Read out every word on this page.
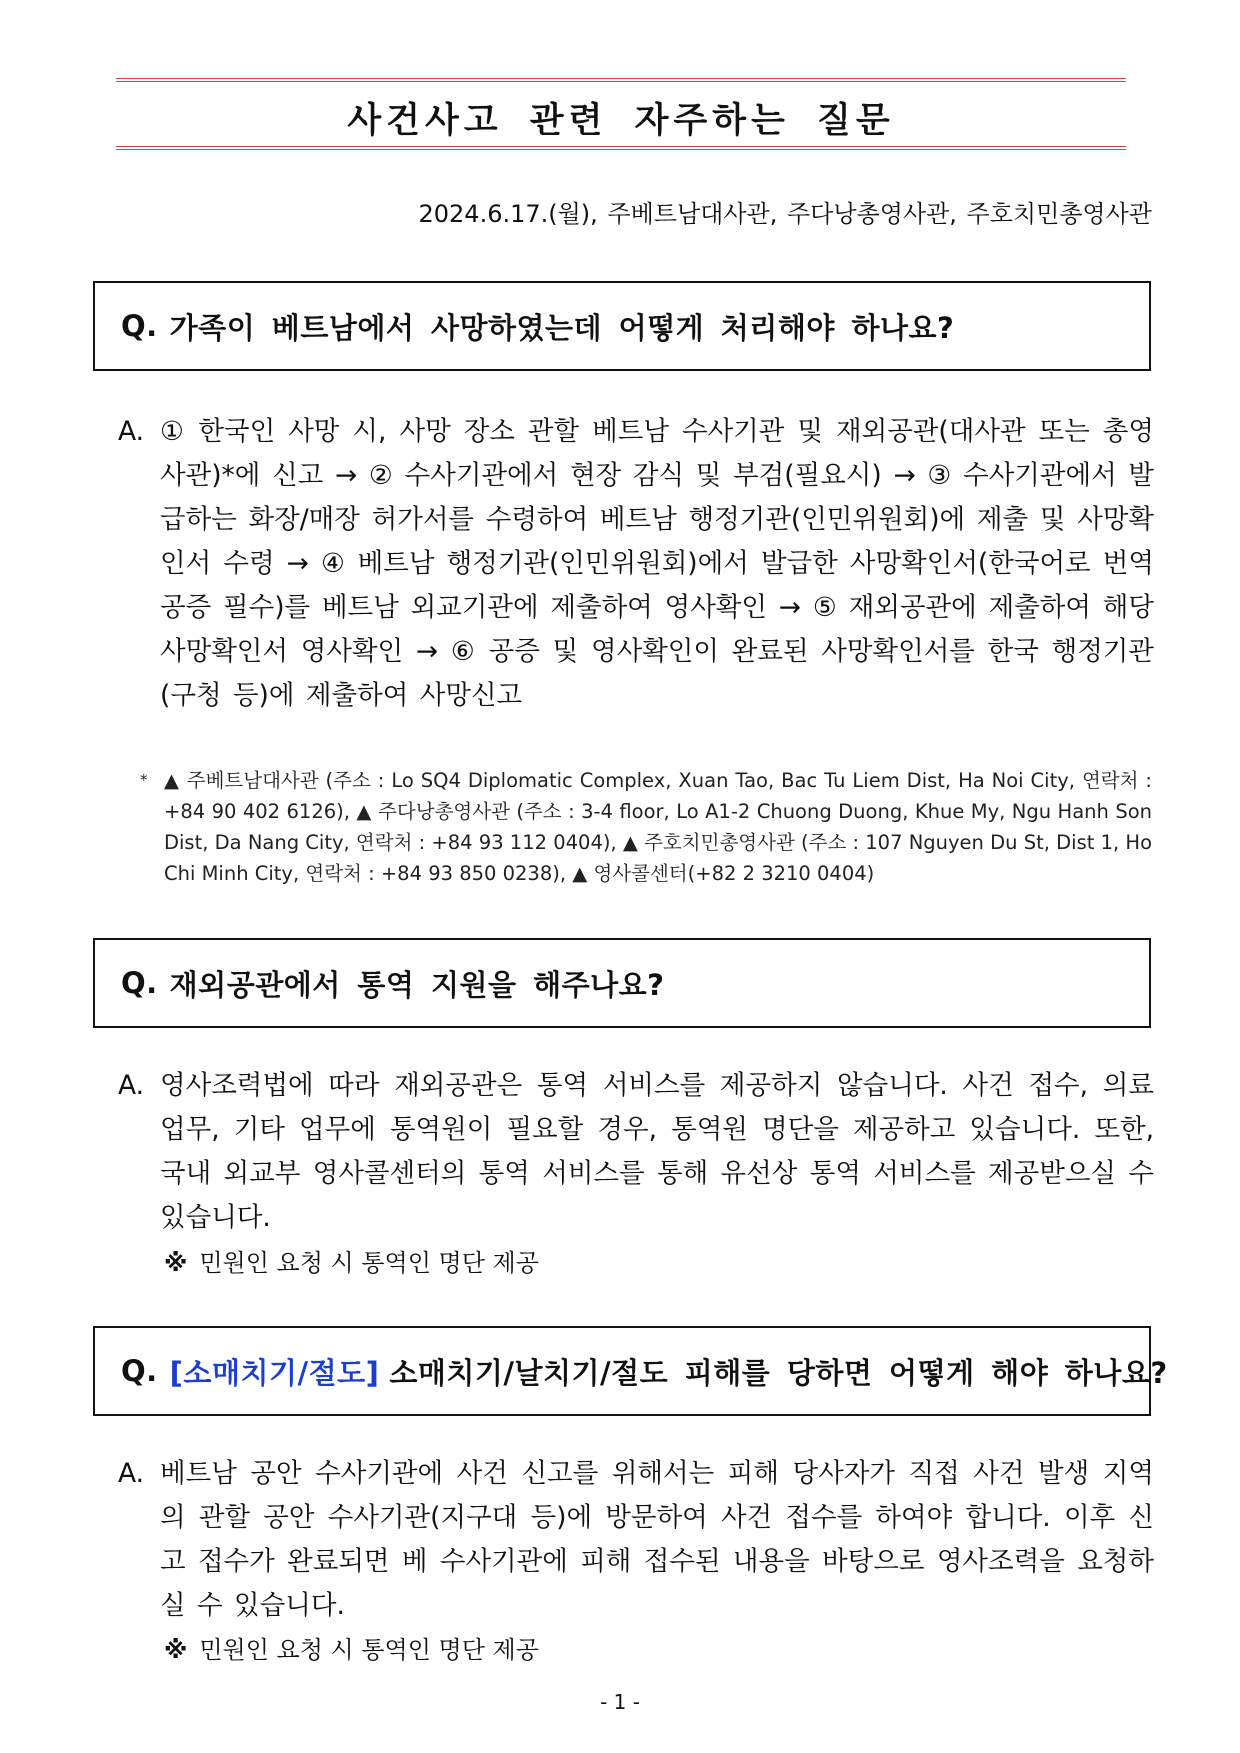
사건사고 관련 자주하는 질문
2024.6.17.(월), 주베트남대사관, 주다낭총영사관, 주호치민총영사관
Q. 가족이 베트남에서 사망하였는데 어떻게 처리해야 하나요?
A. ① 한국인 사망 시, 사망 장소 관할 베트남 수사기관 및 재외공관(대사관 또는 총영사관)*에 신고 → ② 수사기관에서 현장 감식 및 부검(필요시) → ③ 수사기관에서 발급하는 화장/매장 허가서를 수령하여 베트남 행정기관(인민위원회)에 제출 및 사망확인서 수령 → ④ 베트남 행정기관(인민위원회)에서 발급한 사망확인서(한국어로 번역공증 필수)를 베트남 외교기관에 제출하여 영사확인 → ⑤ 재외공관에 제출하여 해당 사망확인서 영사확인 → ⑥ 공증 및 영사확인이 완료된 사망확인서를 한국 행정기관(구청 등)에 제출하여 사망신고
* ▲ 주베트남대사관 (주소 : Lo SQ4 Diplomatic Complex, Xuan Tao, Bac Tu Liem Dist, Ha Noi City, 연락처 : +84 90 402 6126), ▲ 주다낭총영사관 (주소 : 3-4 floor, Lo A1-2 Chuong Duong, Khue My, Ngu Hanh Son Dist, Da Nang City, 연락처 : +84 93 112 0404), ▲ 주호치민총영사관 (주소 : 107 Nguyen Du St, Dist 1, Ho Chi Minh City, 연락처 : +84 93 850 0238), ▲ 영사콜센터(+82 2 3210 0404)
Q. 재외공관에서 통역 지원을 해주나요?
A. 영사조력법에 따라 재외공관은 통역 서비스를 제공하지 않습니다. 사건 접수, 의료 업무, 기타 업무에 통역원이 필요할 경우, 통역원 명단을 제공하고 있습니다. 또한, 국내 외교부 영사콜센터의 통역 서비스를 통해 유선상 통역 서비스를 제공받으실 수 있습니다.
※ 민원인 요청 시 통역인 명단 제공
Q. [소매치기/절도] 소매치기/날치기/절도 피해를 당하면 어떻게 해야 하나요?
A. 베트남 공안 수사기관에 사건 신고를 위해서는 피해 당사자가 직접 사건 발생 지역의 관할 공안 수사기관(지구대 등)에 방문하여 사건 접수를 하여야 합니다. 이후 신고 접수가 완료되면 베 수사기관에 피해 접수된 내용을 바탕으로 영사조력을 요청하실 수 있습니다.
※ 민원인 요청 시 통역인 명단 제공
- 1 -
